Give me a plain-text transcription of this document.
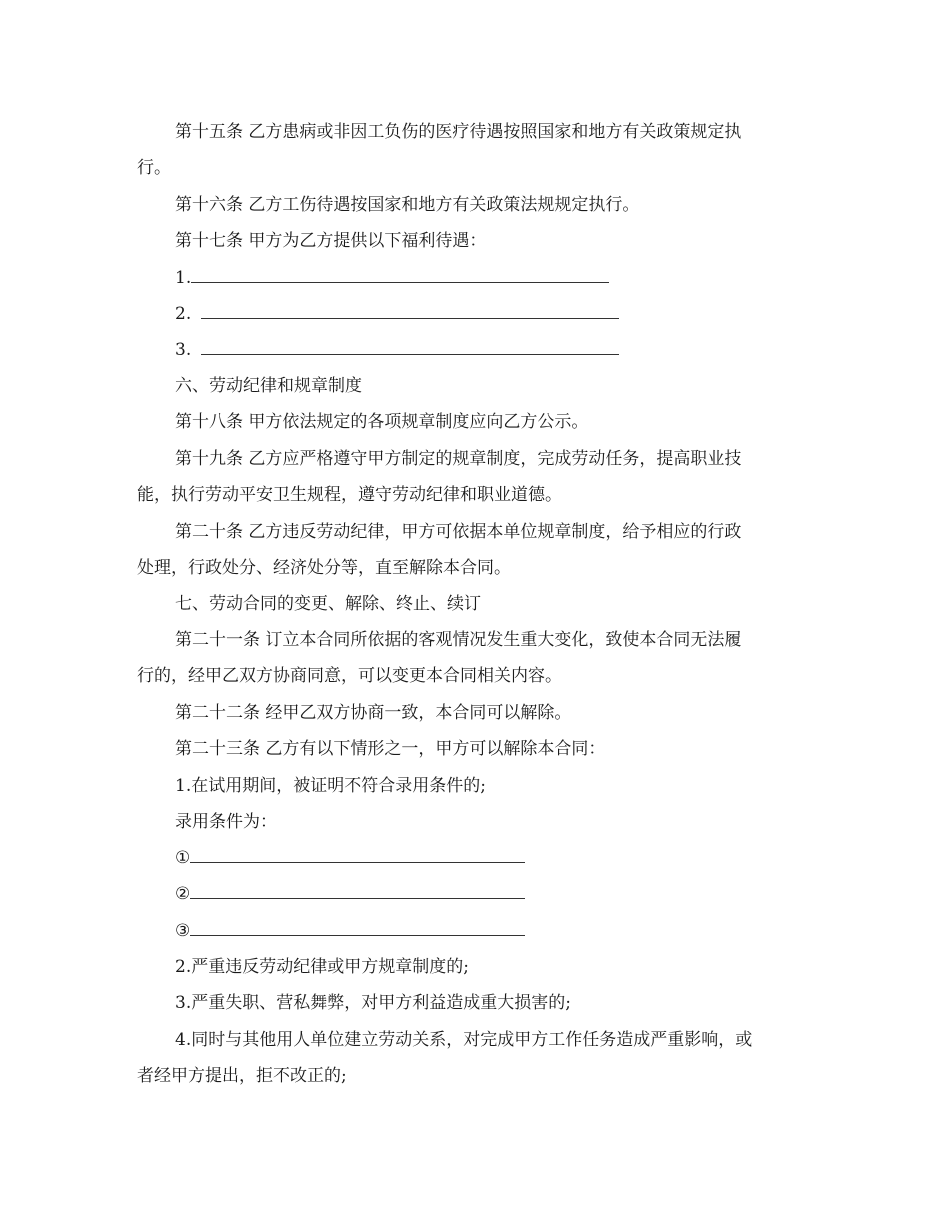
第十五条 乙方患病或非因工负伤的医疗待遇按照国家和地方有关政策规定执
行。
第十六条 乙方工伤待遇按国家和地方有关政策法规规定执行。
第十七条 甲方为乙方提供以下福利待遇：
1.
2.
3.
六、劳动纪律和规章制度
第十八条 甲方依法规定的各项规章制度应向乙方公示。
第十九条 乙方应严格遵守甲方制定的规章制度，完成劳动任务，提高职业技
能，执行劳动平安卫生规程，遵守劳动纪律和职业道德。
第二十条 乙方违反劳动纪律，甲方可依据本单位规章制度，给予相应的行政
处理，行政处分、经济处分等，直至解除本合同。
七、劳动合同的变更、解除、终止、续订
第二十一条 订立本合同所依据的客观情况发生重大变化，致使本合同无法履
行的，经甲乙双方协商同意，可以变更本合同相关内容。
第二十二条 经甲乙双方协商一致，本合同可以解除。
第二十三条 乙方有以下情形之一，甲方可以解除本合同：
1.在试用期间，被证明不符合录用条件的;
录用条件为：
①
②
③
2.严重违反劳动纪律或甲方规章制度的;
3.严重失职、营私舞弊，对甲方利益造成重大损害的;
4.同时与其他用人单位建立劳动关系，对完成甲方工作任务造成严重影响，或
者经甲方提出，拒不改正的;
